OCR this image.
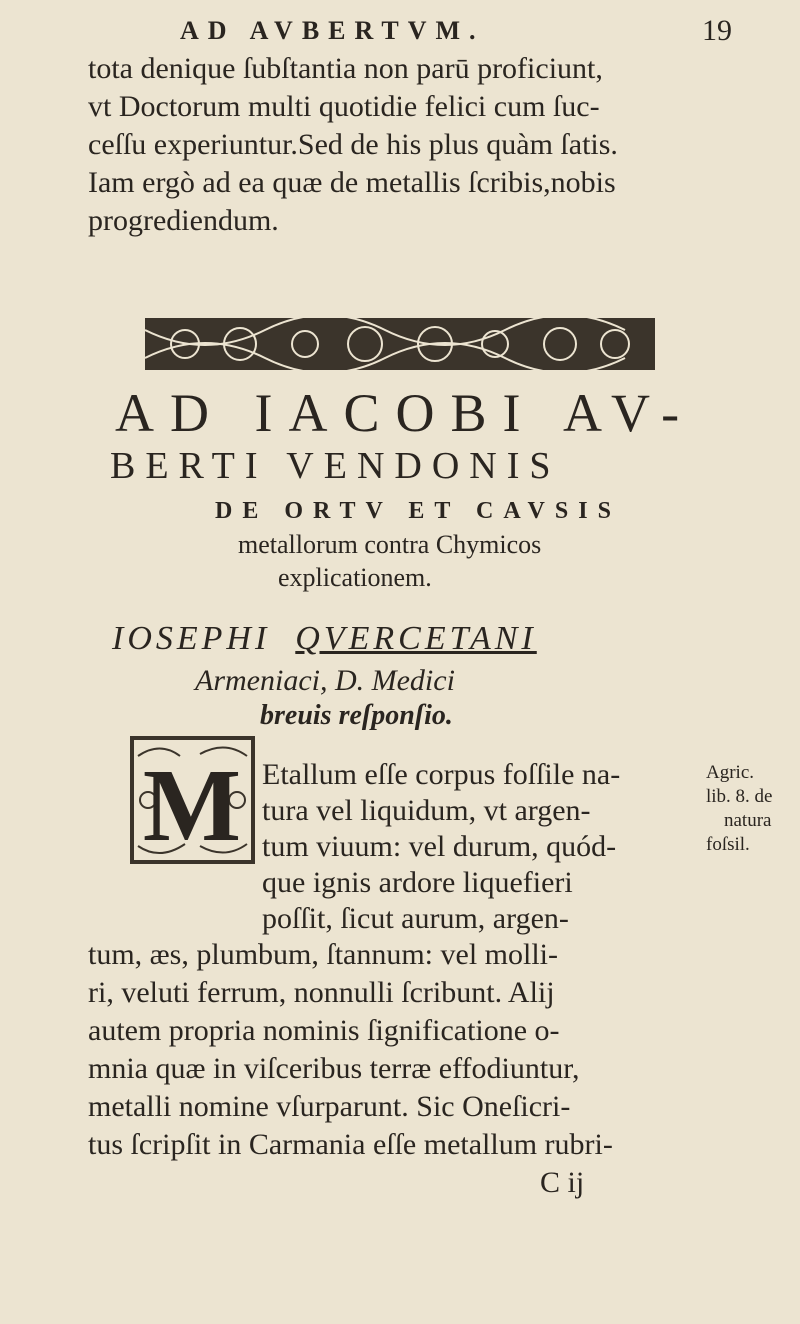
AD AVBERTVM.	19
tota denique ſubſtantia non parū proficiunt,
vt Doctorum multi quotidie felici cum ſuc-
ceſſu experiuntur.Sed de his plus quàm ſatis.
Iam ergò ad ea quæ de metallis ſcribis,nobis
progrediendum.
AD IACOBI AV-
BERTI VENDONIS
DE ORTV ET CAVSIS
metallorum contra Chymicos
explicationem.
IOSEPHI QVERCETANI
Armeniaci, D. Medici
breuis reſponſio.
M Etallum eſſe corpus foſſile na-
tura vel liquidum, vt argen-
tum viuum: vel durum, quód-
que ignis ardore liquefieri
poſſit, ſicut aurum, argen-
tum, æs, plumbum, ſtannum: vel molli-
ri, veluti ferrum, nonnulli ſcribunt. Alij
autem propria nominis ſignificatione o-
mnia quæ in viſceribus terræ effodiuntur,
metalli nomine vſurparunt. Sic Oneſicri-
tus ſcripſit in Carmania eſſe metallum rubri-
Agric.
lib. 8. de
natura
foſsil.
C ij
